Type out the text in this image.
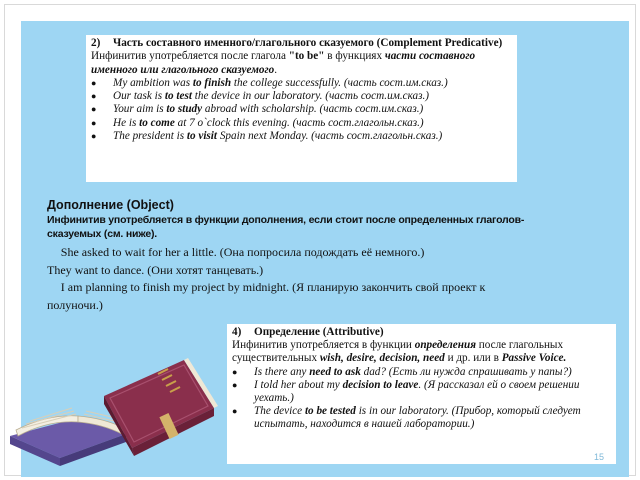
2)	Часть составного именного/глагольного сказуемого (Complement Predicative)
Инфинитив употребляется после глагола "to be" в функциях части составного именного или глагольного сказуемого.
●	My ambition was to finish the college successfully. (часть сост.им.сказ.)
●	Our task is to test the device in our laboratory. (часть сост.им.сказ.)
●	Your aim is to study abroad with scholarship. (часть сост.им.сказ.)
●	He is to come at 7 o`clock this evening. (часть сост.глагольн.сказ.)
●	The president is to visit Spain next Monday. (часть сост.глагольн.сказ.)
Дополнение (Object)
Инфинитив употребляется в функции дополнения, если стоит после определенных глаголов-сказуемых (см. ниже).
She asked to wait for her a little. (Она попросила подождать её немного.)
They want to dance. (Они хотят танцевать.)
I am planning to finish my project by midnight. (Я планирую закончить свой проект к полуночи.)
4)	Определение (Attributive)
Инфинитив употребляется в функции определения после глагольных существительных wish, desire, decision, need и др. или в Passive Voice.
●	Is there any need to ask dad? (Есть ли нужда спрашивать у папы?)
●	I told her about my decision to leave. (Я рассказал ей о своем решении уехать.)
●	The device to be tested is in our laboratory. (Прибор, который следует испытать, находится в нашей лаборатории.)
15
